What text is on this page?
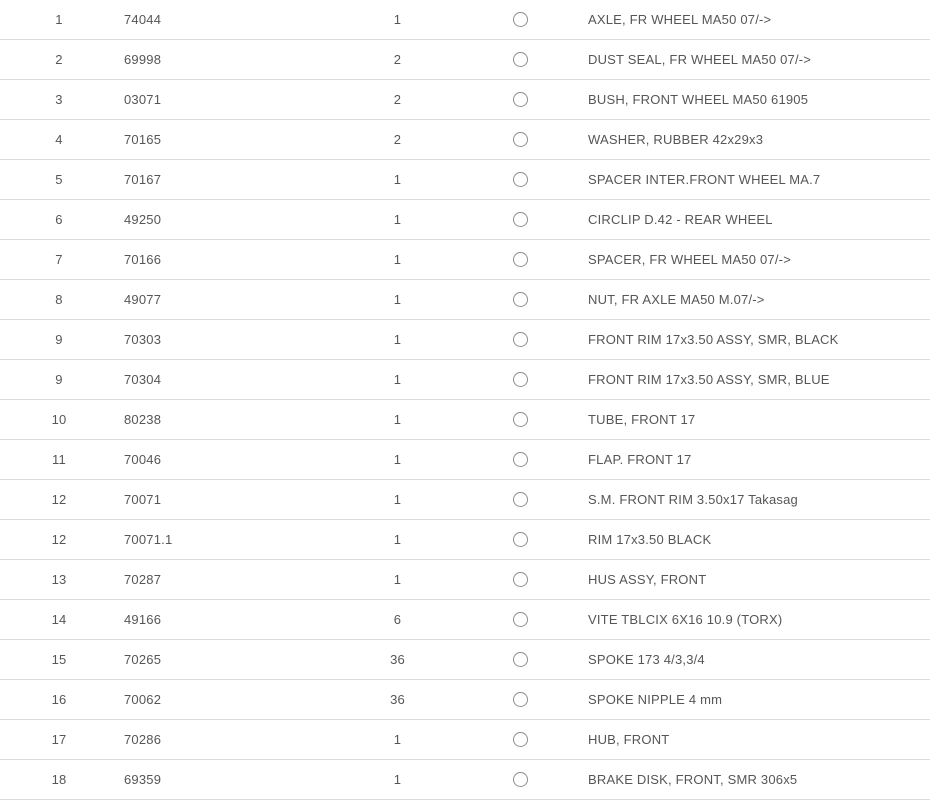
1	74044	1	AXLE, FR WHEEL MA50 07/->
2	69998	2	DUST SEAL, FR WHEEL MA50 07/->
3	03071	2	BUSH, FRONT WHEEL MA50 61905
4	70165	2	WASHER, RUBBER 42x29x3
5	70167	1	SPACER INTER.FRONT WHEEL MA.7
6	49250	1	CIRCLIP D.42 - REAR WHEEL
7	70166	1	SPACER, FR WHEEL MA50 07/->
8	49077	1	NUT, FR AXLE MA50 M.07/->
9	70303	1	FRONT RIM 17x3.50 ASSY, SMR, BLACK
9	70304	1	FRONT RIM 17x3.50 ASSY, SMR, BLUE
10	80238	1	TUBE, FRONT 17
11	70046	1	FLAP. FRONT 17
12	70071	1	S.M. FRONT RIM 3.50x17 Takasag
12	70071.1	1	RIM 17x3.50 BLACK
13	70287	1	HUS ASSY, FRONT
14	49166	6	VITE TBLCIX 6X16 10.9 (TORX)
15	70265	36	SPOKE 173 4/3,3/4
16	70062	36	SPOKE NIPPLE 4 mm
17	70286	1	HUB, FRONT
18	69359	1	BRAKE DISK, FRONT, SMR 306x5
